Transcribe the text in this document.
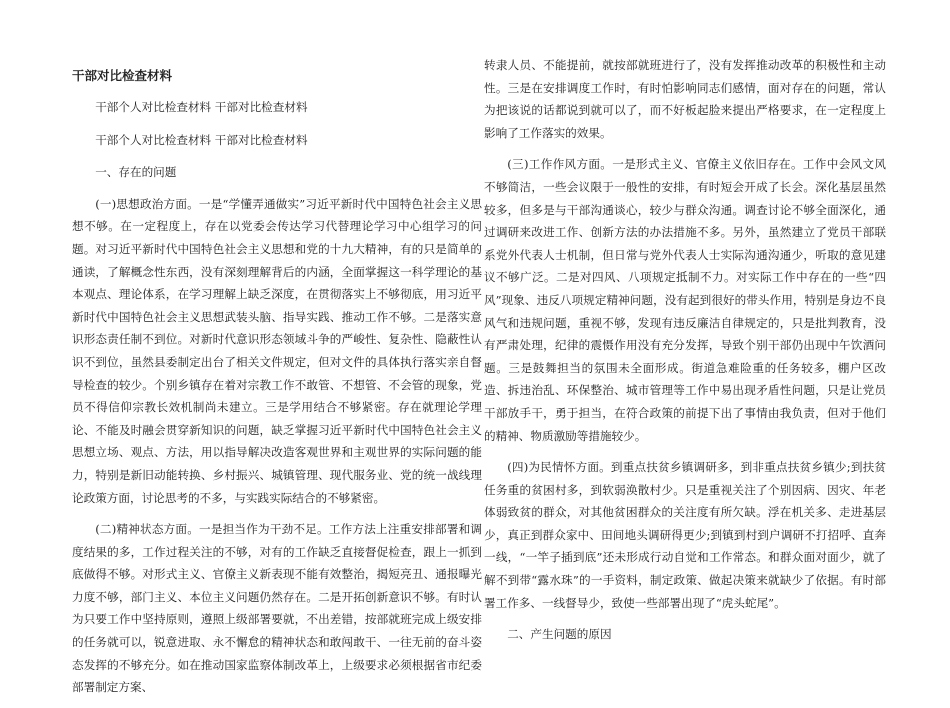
干部对比检查材料
干部个人对比检查材料 干部对比检查材料
干部个人对比检查材料 干部对比检查材料
一、存在的问题
(一)思想政治方面。一是“学懂弄通做实”习近平新时代中国特色社会主义思想不够。在一定程度上，存在以党委会传达学习代替理论学习中心组学习的问题。对习近平新时代中国特色社会主义思想和党的十九大精神，有的只是简单的通读，了解概念性东西，没有深刻理解背后的内涵，全面掌握这一科学理论的基本观点、理论体系，在学习理解上缺乏深度，在贯彻落实上不够彻底，用习近平新时代中国特色社会主义思想武装头脑、指导实践、推动工作不够。二是落实意识形态责任制不到位。对新时代意识形态领域斗争的严峻性、复杂性、隐蔽性认识不到位，虽然县委制定出台了相关文件规定，但对文件的具体执行落实亲自督导检查的较少。个别乡镇存在着对宗教工作不敢管、不想管、不会管的现象，党员不得信仰宗教长效机制尚未建立。三是学用结合不够紧密。存在就理论学理论、不能及时融会贯穿新知识的问题，缺乏掌握习近平新时代中国特色社会主义思想立场、观点、方法，用以指导解决改造客观世界和主观世界的实际问题的能力，特别是新旧动能转换、乡村振兴、城镇管理、现代服务业、党的统一战线理论政策方面，讨论思考的不多，与实践实际结合的不够紧密。
(二)精神状态方面。一是担当作为干劲不足。工作方法上注重安排部署和调度结果的多，工作过程关注的不够，对有的工作缺乏直接督促检查，跟上一抓到底做得不够。对形式主义、官僚主义新表现不能有效整治，揭短亮丑、通报曝光力度不够，部门主义、本位主义问题仍然存在。二是开拓创新意识不够。有时认为只要工作中坚持原则，遵照上级部署要就，不出差错，按部就班完成上级安排的任务就可以，锐意进取、永不懈怠的精神状态和敢闯敢干、一往无前的奋斗姿态发挥的不够充分。如在推动国家监察体制改革上，上级要求必须根据省市纪委部署制定方案、
转隶人员、不能提前，就按部就班进行了，没有发挥推动改革的积极性和主动性。三是在安排调度工作时，有时怕影响同志们感情，面对存在的问题，常认为把该说的话都说到就可以了，而不好板起脸来提出严格要求，在一定程度上影响了工作落实的效果。
(三)工作作风方面。一是形式主义、官僚主义依旧存在。工作中会风文风不够简洁，一些会议限于一般性的安排，有时短会开成了长会。深化基层虽然较多，但多是与干部沟通谈心，较少与群众沟通。调查讨论不够全面深化，通过调研来改进工作、创新方法的办法措施不多。另外，虽然建立了党员干部联系党外代表人士机制，但日常与党外代表人士实际沟通沟通少，听取的意见建议不够广泛。二是对四风、八项规定抵制不力。对实际工作中存在的一些“四风”现象、违反八项规定精神问题，没有起到很好的带头作用，特别是身边不良风气和违规问题，重视不够，发现有违反廉洁自律规定的，只是批判教育，没有严肃处理，纪律的震慑作用没有充分发挥，导致个别干部仍出现中午饮酒问题。三是鼓舞担当的氛围未全面形成。街道急难险重的任务较多，棚户区改造、拆违治乱、环保整治、城市管理等工作中易出现矛盾性问题，只是让党员干部放手干，勇于担当，在符合政策的前提下出了事情由我负责，但对于他们的精神、物质激励等措施较少。
(四)为民情怀方面。到重点扶贫乡镇调研多，到非重点扶贫乡镇少;到扶贫任务重的贫困村多，到软弱涣散村少。只是重视关注了个别因病、因灾、年老体弱致贫的群众，对其他贫困群众的关注度有所欠缺。浮在机关多、走进基层少，真正到群众家中、田间地头调研得更少;到镇到村到户调研不打招呼、直奔一线，“一竿子插到底”还未形成行动自觉和工作常态。和群众面对面少，就了解不到带“露水珠”的一手资料，制定政策、做起决策来就缺少了依据。有时部署工作多、一线督导少，致使一些部署出现了“虎头蛇尾”。
二、产生问题的原因
